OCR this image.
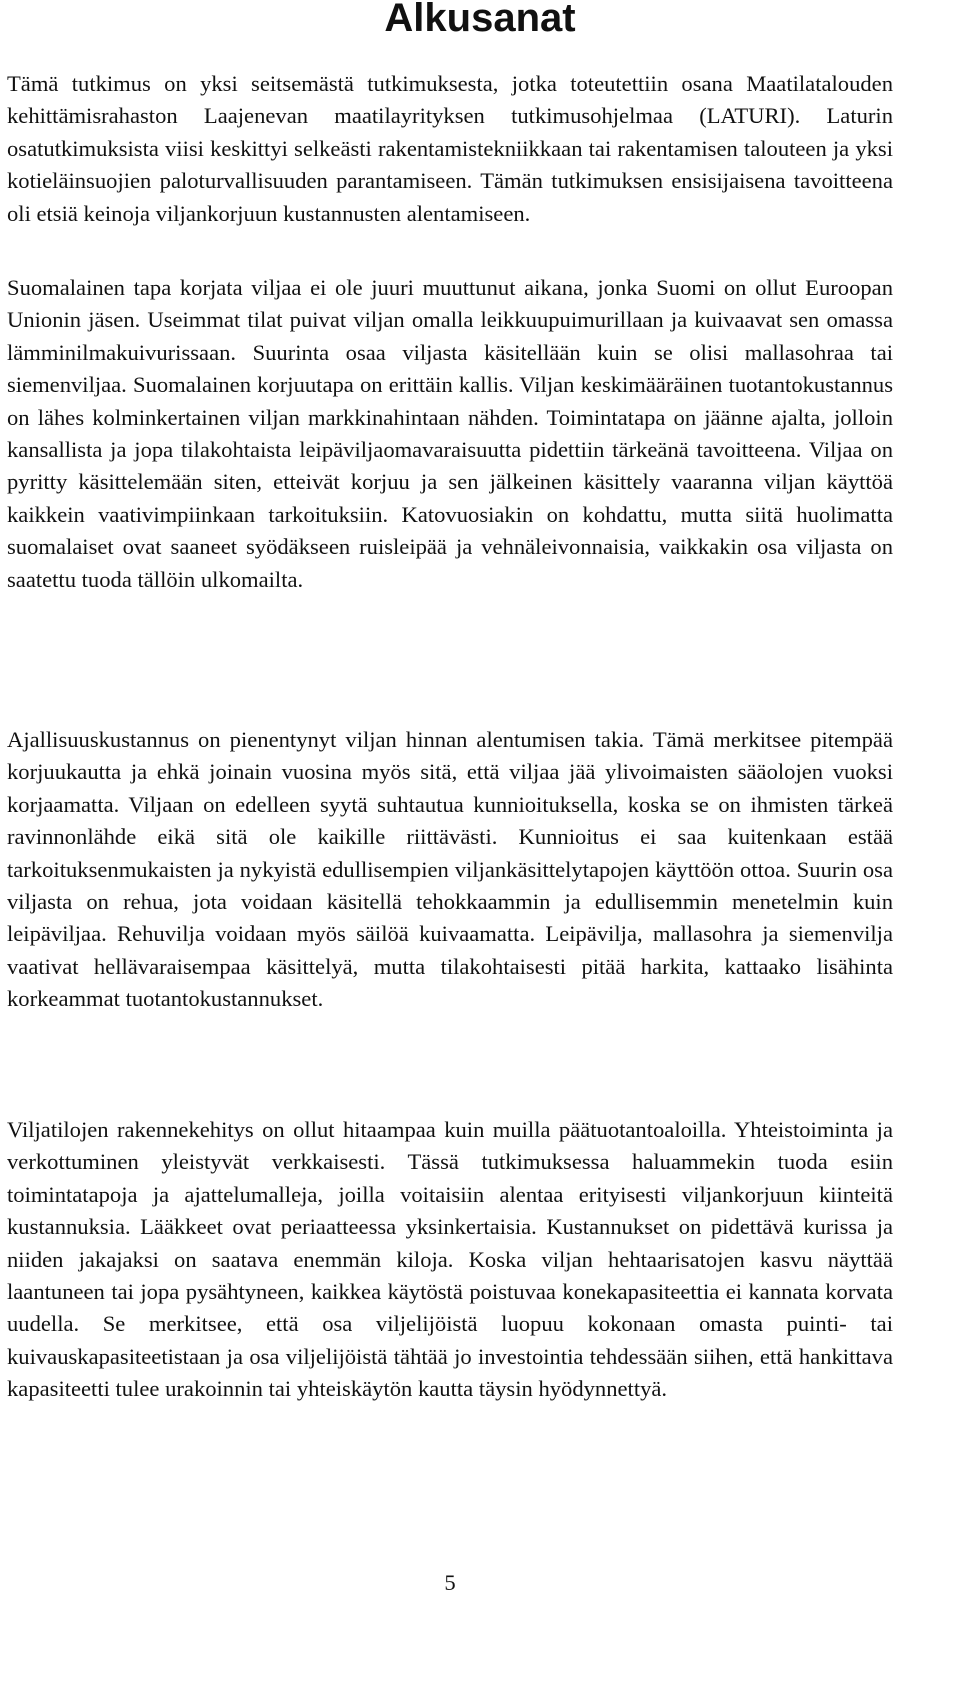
Alkusanat

Tämä tutkimus on yksi seitsemästä tutkimuksesta, jotka toteutettiin osana Maatilatalouden kehittämisrahaston Laajenevan maatilayrityksen tutkimusohjelmaa (LATURI). Laturin osatutkimuksista viisi keskittyi selkeästi rakentamistekniikkaan tai rakentamisen talouteen ja yksi kotieläinsuojien paloturvallisuuden parantamiseen. Tämän tutkimuksen ensisijaisena tavoitteena oli etsiä keinoja viljankorjuun kustannusten alentamiseen.

Suomalainen tapa korjata viljaa ei ole juuri muuttunut aikana, jonka Suomi on ollut Euroopan Unionin jäsen. Useimmat tilat puivat viljan omalla leikkuupuimurillaan ja kuivaavat sen omassa lämminilmakuivurissaan. Suurinta osaa viljasta käsitellään kuin se olisi mallasohraa tai siemenviljaa. Suomalainen korjuutapa on erittäin kallis. Viljan keskimääräinen tuotantokustannus on lähes kolminkertainen viljan markkinahintaan nähden. Toimintatapa on jäänne ajalta, jolloin kansallista ja jopa tilakohtaista leipäviljaomavaraisuutta pidettiin tärkeänä tavoitteena. Viljaa on pyritty käsittelemään siten, etteivät korjuu ja sen jälkeinen käsittely vaaranna viljan käyttöä kaikkein vaativimpiinkaan tarkoituksiin. Katovuosiakin on kohdattu, mutta siitä huolimatta suomalaiset ovat saaneet syödäkseen ruisleipää ja vehnäleivonnaisia, vaikkakin osa viljasta on saatettu tuoda tällöin ulkomailta.

Ajallisuuskustannus on pienentynyt viljan hinnan alentumisen takia. Tämä merkitsee pitempää korjuukautta ja ehkä joinain vuosina myös sitä, että viljaa jää ylivoimaisten sääolojen vuoksi korjaamatta. Viljaan on edelleen syytä suhtautua kunnioituksella, koska se on ihmisten tärkeä ravinnonlähde eikä sitä ole kaikille riittävästi. Kunnioitus ei saa kuitenkaan estää tarkoituksenmukaisten ja nykyistä edullisempien viljankäsittelytapojen käyttöön ottoa. Suurin osa viljasta on rehua, jota voidaan käsitellä tehokkaammin ja edullisemmin menetelmin kuin leipäviljaa. Rehuvilja voidaan myös säilöä kuivaamatta. Leipävilja, mallasohra ja siemenvilja vaativat hellävaraisempaa käsittelyä, mutta tilakohtaisesti pitää harkita, kattaako lisähinta korkeammat tuotantokustannukset.

Viljatilojen rakennekehitys on ollut hitaampaa kuin muilla päätuotantoaloilla. Yhteistoiminta ja verkottuminen yleistyvät verkkaisesti. Tässä tutkimuksessa haluammekin tuoda esiin toimintatapoja ja ajattelumalleja, joilla voitaisiin alentaa erityisesti viljankorjuun kiinteitä kustannuksia. Lääkkeet ovat periaatteessa yksinkertaisia. Kustannukset on pidettävä kurissa ja niiden jakajaksi on saatava enemmän kiloja. Koska viljan hehtaarisatojen kasvu näyttää laantuneen tai jopa pysähtyneen, kaikkea käytöstä poistuvaa konekapasiteettia ei kannata korvata uudella. Se merkitsee, että osa viljelijöistä luopuu kokonaan omasta puinti- tai kuivauskapasiteetistaan ja osa viljelijöistä tähtää jo investointia tehdessään siihen, että hankittava kapasiteetti tulee urakoinnin tai yhteiskäytön kautta täysin hyödynnettyä.

5
